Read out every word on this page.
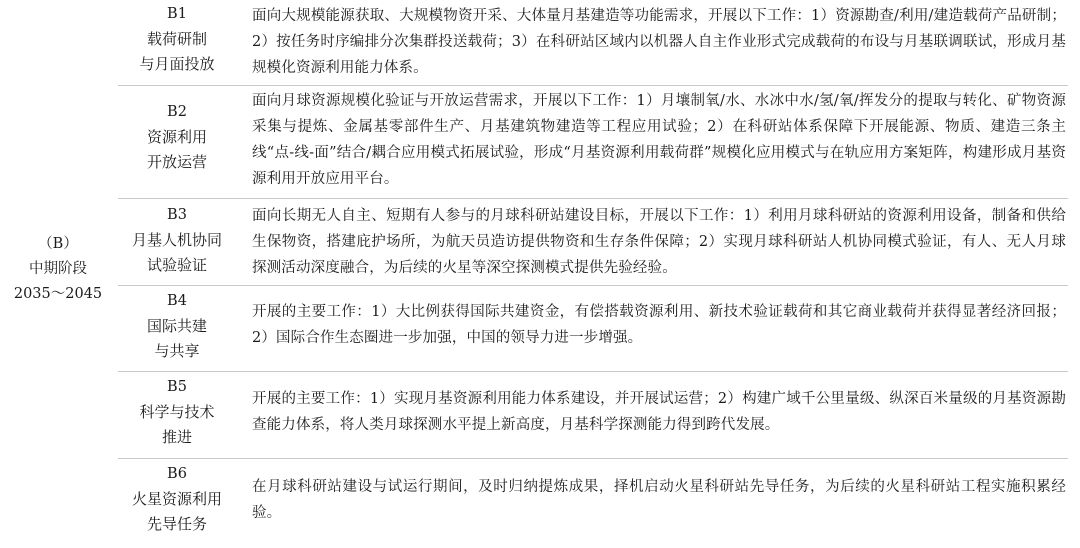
（B）
中期阶段
2035～2045
B1
载荷研制
与月面投放
面向大规模能源获取、大规模物资开采、大体量月基建造等功能需求，开展以下工作：1）资源勘查/利用/建造载荷产品研制；2）按任务时序编排分次集群投送载荷；3）在科研站区域内以机器人自主作业形式完成载荷的布设与月基联调联试，形成月基规模化资源利用能力体系。
B2
资源利用
开放运营
面向月球资源规模化验证与开放运营需求，开展以下工作：1）月壤制氧/水、水冰中水/氢/氧/挥发分的提取与转化、矿物资源采集与提炼、金属基零部件生产、月基建筑物建造等工程应用试验；2）在科研站体系保障下开展能源、物质、建造三条主线“点-线-面”结合/耦合应用模式拓展试验，形成“月基资源利用载荷群”规模化应用模式与在轨应用方案矩阵，构建形成月基资源利用开放应用平台。
B3
月基人机协同
试验验证
面向长期无人自主、短期有人参与的月球科研站建设目标，开展以下工作：1）利用月球科研站的资源利用设备，制备和供给生保物资，搭建庇护场所，为航天员造访提供物资和生存条件保障；2）实现月球科研站人机协同模式验证，有人、无人月球探测活动深度融合，为后续的火星等深空探测模式提供先验经验。
B4
国际共建
与共享
开展的主要工作：1）大比例获得国际共建资金，有偿搭载资源利用、新技术验证载荷和其它商业载荷并获得显著经济回报；2）国际合作生态圈进一步加强，中国的领导力进一步增强。
B5
科学与技术
推进
开展的主要工作：1）实现月基资源利用能力体系建设，并开展试运营；2）构建广域千公里量级、纵深百米量级的月基资源勘查能力体系，将人类月球探测水平提上新高度，月基科学探测能力得到跨代发展。
B6
火星资源利用
先导任务
在月球科研站建设与试运行期间，及时归纳提炼成果，择机启动火星科研站先导任务，为后续的火星科研站工程实施积累经验。
